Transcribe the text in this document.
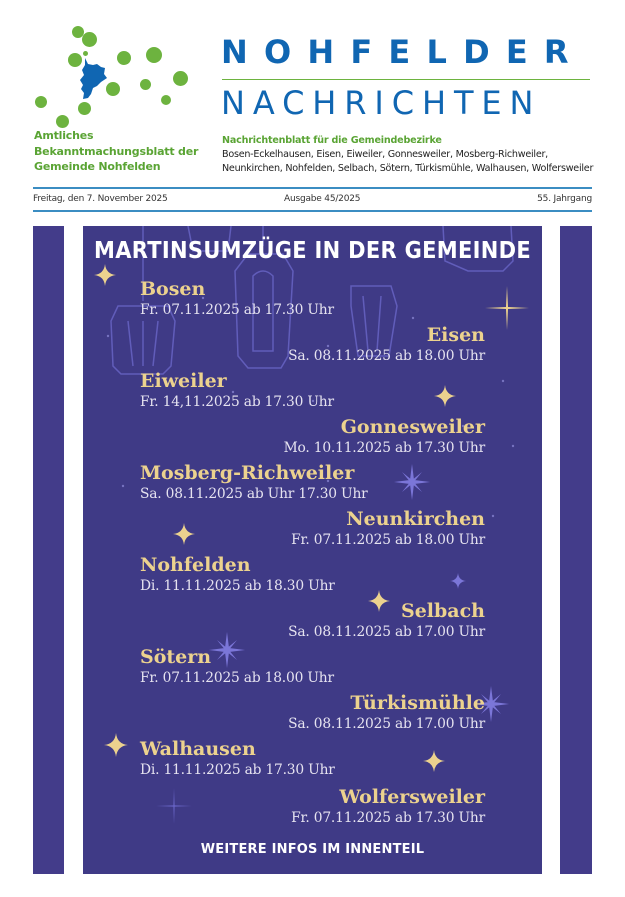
Amtliches
Bekanntmachungsblatt der
Gemeinde Nohfelden
NOHFELDER
NACHRICHTEN
Nachrichtenblatt für die Gemeindebezirke
Bosen-Eckelhausen, Eisen, Eiweiler, Gonnesweiler, Mosberg-Richweiler,
Neunkirchen, Nohfelden, Selbach, Sötern, Türkismühle, Walhausen, Wolfersweiler
Freitag, den 7. November 2025	Ausgabe 45/2025	55. Jahrgang
MARTINSUMZÜGE IN DER GEMEINDE
Bosen
Fr. 07.11.2025 ab 17.30 Uhr
Eisen
Sa. 08.11.2025 ab 18.00 Uhr
Eiweiler
Fr. 14,11.2025 ab 17.30 Uhr
Gonnesweiler
Mo. 10.11.2025 ab 17.30 Uhr
Mosberg-Richweiler
Sa. 08.11.2025 ab Uhr 17.30 Uhr
Neunkirchen
Fr. 07.11.2025 ab 18.00 Uhr
Nohfelden
Di. 11.11.2025 ab 18.30 Uhr
Selbach
Sa. 08.11.2025 ab 17.00 Uhr
Sötern
Fr. 07.11.2025 ab 18.00 Uhr
Türkismühle
Sa. 08.11.2025 ab 17.00 Uhr
Walhausen
Di. 11.11.2025 ab 17.30 Uhr
Wolfersweiler
Fr. 07.11.2025 ab 17.30 Uhr
WEITERE INFOS IM INNENTEIL
